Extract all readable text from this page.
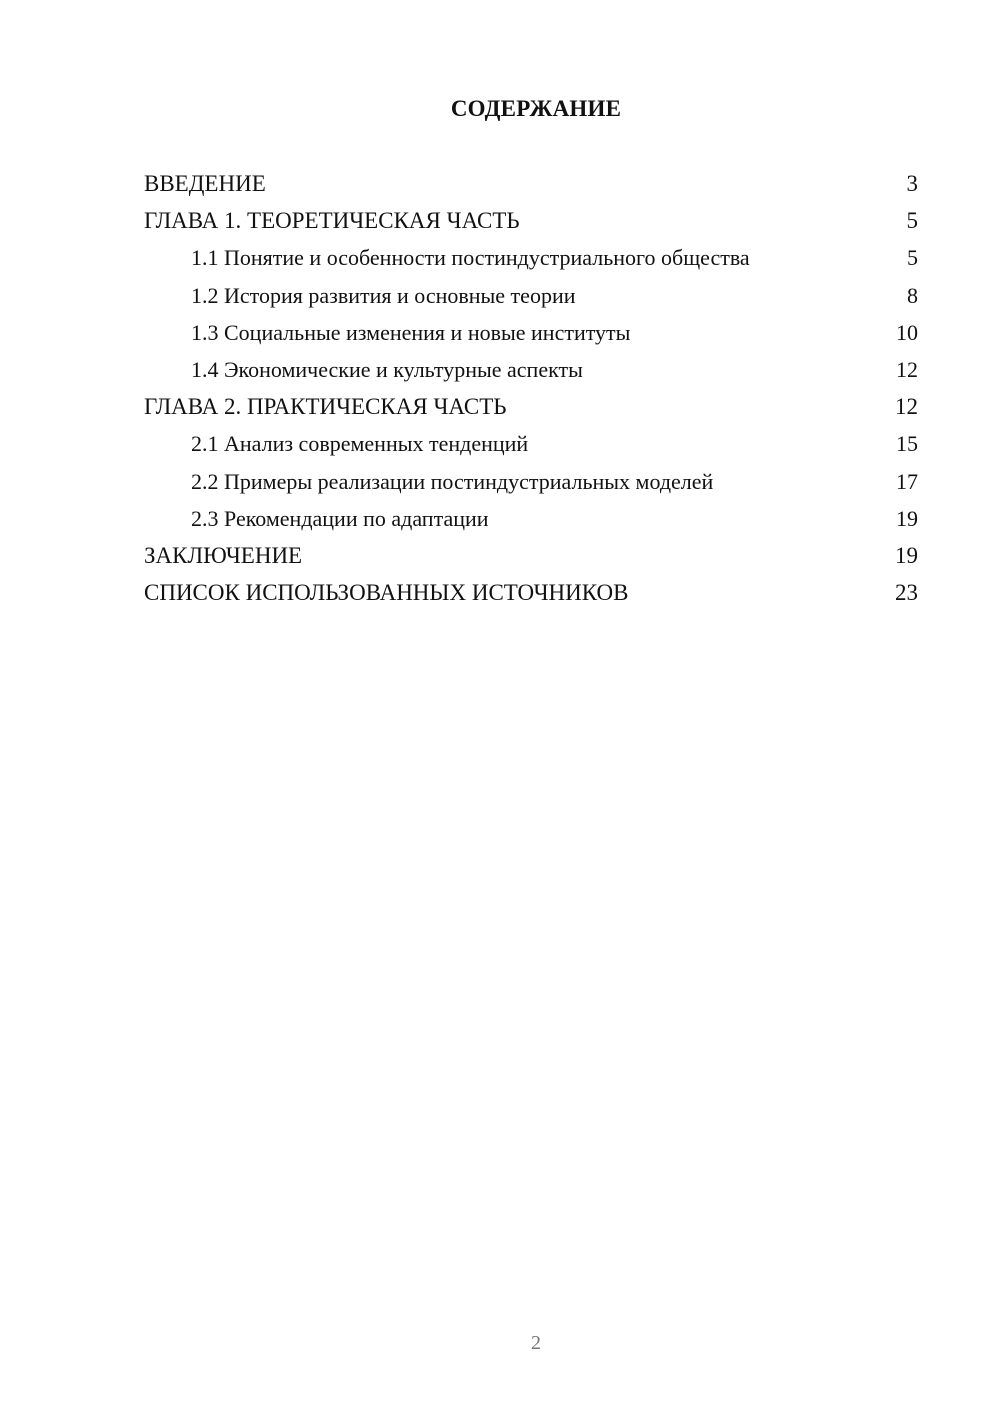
СОДЕРЖАНИЕ
ВВЕДЕНИЕ	3
ГЛАВА 1. ТЕОРЕТИЧЕСКАЯ ЧАСТЬ	5
1.1 Понятие и особенности постиндустриального общества	5
1.2 История развития и основные теории	8
1.3 Социальные изменения и новые институты	10
1.4 Экономические и культурные аспекты	12
ГЛАВА 2. ПРАКТИЧЕСКАЯ ЧАСТЬ	12
2.1 Анализ современных тенденций	15
2.2 Примеры реализации постиндустриальных моделей	17
2.3 Рекомендации по адаптации	19
ЗАКЛЮЧЕНИЕ	19
СПИСОК ИСПОЛЬЗОВАННЫХ ИСТОЧНИКОВ	23
2
